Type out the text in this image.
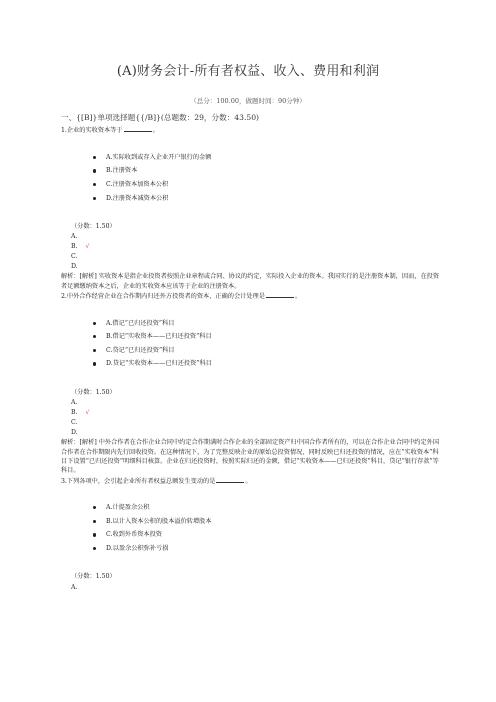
(A)财务会计-所有者权益、收入、费用和利润
（总分：100.00，做题时间：90分钟）
一、{[B]}单项选择题{{/B]}(总题数：29，分数：43.50)

1.企业的实收资本等于	。

A.实际收到或存入企业开户银行的金额
B.注册资本
C.注册资本加资本公积
D.注册资本减资本公积
（分数：1.50）
A.
B. √
C.
D.

解析：[解析] 实收资本是指企业投资者按照企业章程或合同、协议的约定，实际投入企业的资本。我国实行的是注册资本制，因而，在投资者足额缴纳资本之后，企业的实收资本应该等于企业的注册资本。

2.中外合作经营企业在合作期内归还外方投资者的资本，正确的会计处理是	。

A.借记“已归还投资”科目
B.借记“实收资本——已归还投资”科目
C.贷记“已归还投资”科目
D.贷记“实收资本——已归还投资”科目
（分数：1.50）
A.
B. √
C.
D.

解析：[解析] 中外合作者在合作企业合同中约定合作期满时合作企业的全部固定资产归中国合作者所有的，可以在合作企业合同中约定外国合作者在合作期限内先行回收投资。在这种情况下，为了完整反映企业的原始总投资情况，同时反映已归还投资的情况，应在“实收资本”科目下设置“已归还投资”明细科目核算。企业在归还投资时，按照实际归还的金额，借记“实收资本——已归还投资”科目，贷记“银行存款”等科目。

3.下列各项中，会引起企业所有者权益总额发生变动的是	。

A.计提盈余公积
B.以计入资本公积的股本溢价转增股本
C.收到外币资本投资
D.以盈余公积弥补亏损
（分数：1.50）
A.
